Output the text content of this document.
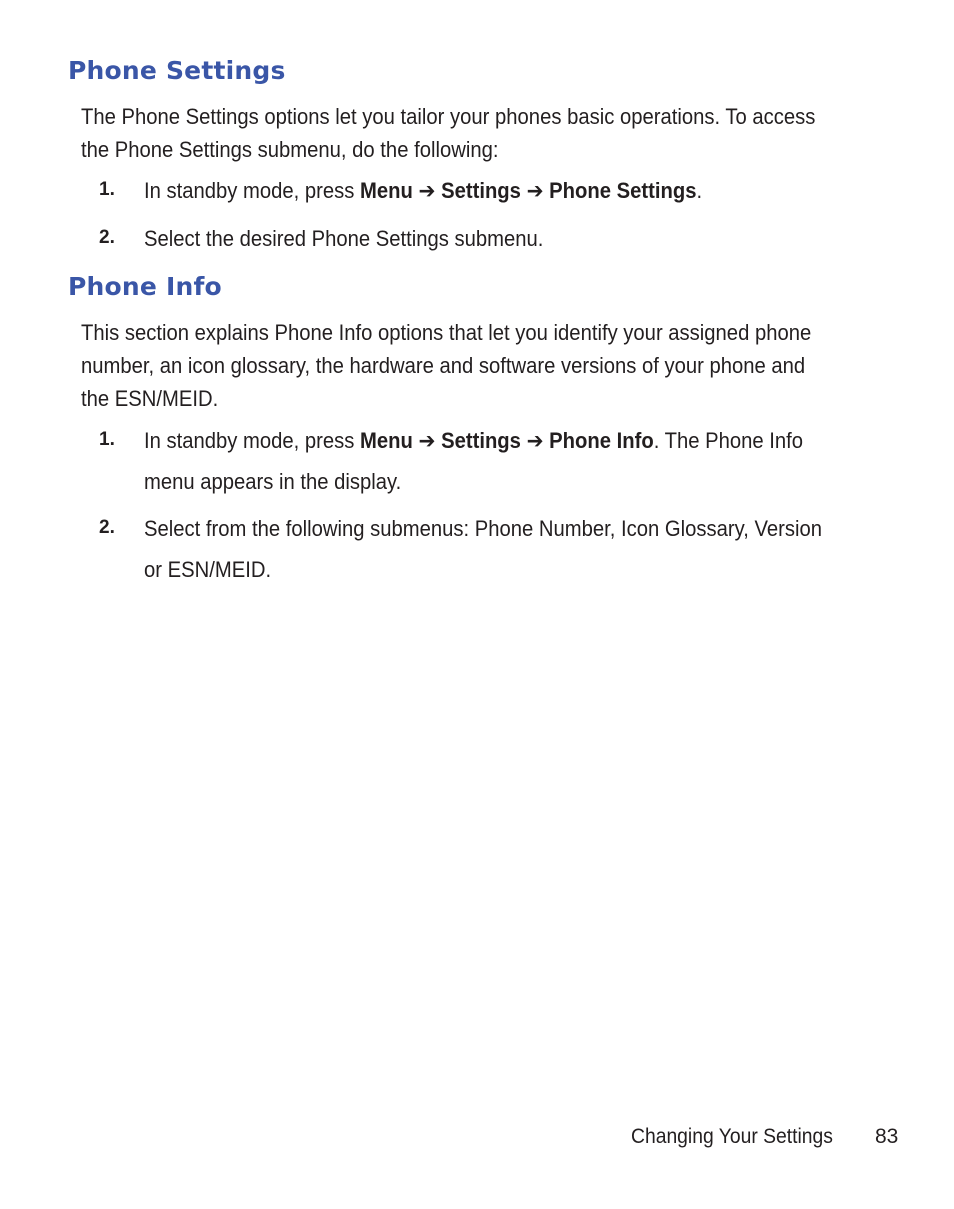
Phone Settings

The Phone Settings options let you tailor your phones basic operations. To access
the Phone Settings submenu, do the following:

1. In standby mode, press Menu ➔ Settings ➔ Phone Settings.
2. Select the desired Phone Settings submenu.
Phone Info

This section explains Phone Info options that let you identify your assigned phone
number, an icon glossary, the hardware and software versions of your phone and
the ESN/MEID.

1. In standby mode, press Menu ➔ Settings ➔ Phone Info. The Phone Info
menu appears in the display.
2. Select from the following submenus: Phone Number, Icon Glossary, Version
or ESN/MEID.
Changing Your Settings 83
